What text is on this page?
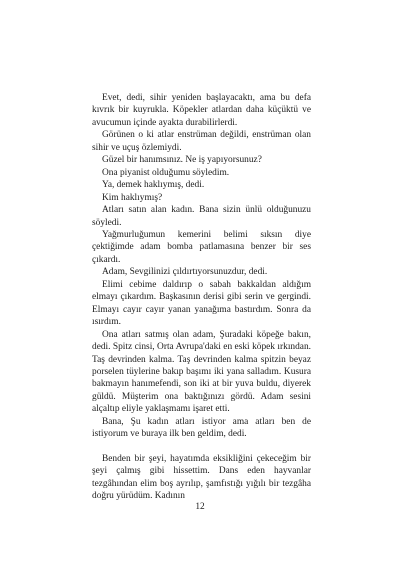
Evet, dedi, sihir yeniden başlayacaktı, ama bu defa kıvrık bir kuyrukla. Köpekler atlardan daha küçüktü ve avucumun içinde ayakta durabilirlerdi.

Görünen o ki atlar enstrüman değildi, enstrüman olan sihir ve uçuş özlemiydi.

Güzel bir hanımsınız. Ne iş yapıyorsunuz?

Ona piyanist olduğumu söyledim.

Ya, demek haklıymış, dedi.

Kim haklıymış?

Atları satın alan kadın. Bana sizin ünlü olduğunuzu söyledi.

Yağmurluğumun kemerini belimi sıksın diye çektiğimde adam bomba patlamasına benzer bir ses çıkardı.

Adam, Sevgilinizi çıldırtıyorsunuzdur, dedi.

Elimi cebime daldırıp o sabah bakkaldan aldığım elmayı çıkardım. Başkasının derisi gibi serin ve gergindi. Elmayı cayır cayır yanan yanağıma bastırdım. Sonra da ısırdım.

Ona atları satmış olan adam, Şuradaki köpeğe bakın, dedi. Spitz cinsi, Orta Avrupa'daki en eski köpek ırkından. Taş devrinden kalma. Taş devrinden kalma spitzin beyaz porselen tüylerine bakıp başımı iki yana salladım. Kusura bakmayın hanımefendi, son iki at bir yuva buldu, diyerek güldü. Müşterim ona baktığınızı gördü. Adam sesini alçaltıp eliyle yaklaşmamı işaret etti.

Bana, Şu kadın atları istiyor ama atları ben de istiyorum ve buraya ilk ben geldim, dedi.

Benden bir şeyi, hayatımda eksikliğini çekeceğim bir şeyi çalmış gibi hissettim. Dans eden hayvanlar tezgâhından elim boş ayrılıp, şamfıstığı yığılı bir tezgâha doğru yürüdüm. Kadının

12
